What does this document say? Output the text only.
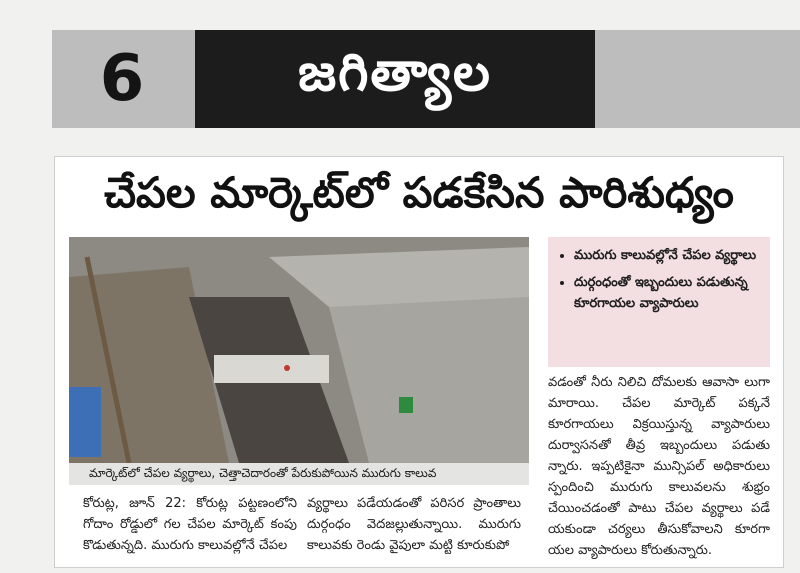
6	జగిత్యాల
చేపల మార్కెట్‌లో పడకేసిన పారిశుధ్యం
మార్కెట్‌లో చేపల వ్యర్థాలు, చెత్తాచెదారంతో పేరుకుపోయిన మురుగు కాలువ
• మురుగు కాలువల్లోనే చేపల వ్యర్థాలు
• దుర్గంధంతో ఇబ్బందులు పడుతున్న కూరగాయల వ్యాపారులు
వడంతో నీరు నిలిచి దోమలకు ఆవాసా లుగా మారాయి. చేపల మార్కెట్ పక్కనే కూరగాయలు విక్రయిస్తున్న వ్యాపారులు దుర్వాసనతో తీవ్ర ఇబ్బందులు పడుతు న్నారు. ఇప్పటికైనా మున్సిపల్ అధికారులు స్పందించి మురుగు కాలువలను శుభ్రం చేయించడంతో పాటు చేపల వ్యర్థాలు పడే యకుండా చర్యలు తీసుకోవాలని కూరగా యల వ్యాపారులు కోరుతున్నారు.
కోరుట్ల, జూన్ 22: కోరుట్ల పట్టణంలోని గోదాం రోడ్డులో గల చేపల మార్కెట్ కంపు కొడుతున్నది. మురుగు కాలువల్లోనే చేపల
వ్యర్థాలు పడేయడంతో పరిసర ప్రాంతాలు దుర్గంధం వెదజల్లుతున్నాయి. మురుగు కాలువకు రెండు వైపులా మట్టి కూరుకుపో
